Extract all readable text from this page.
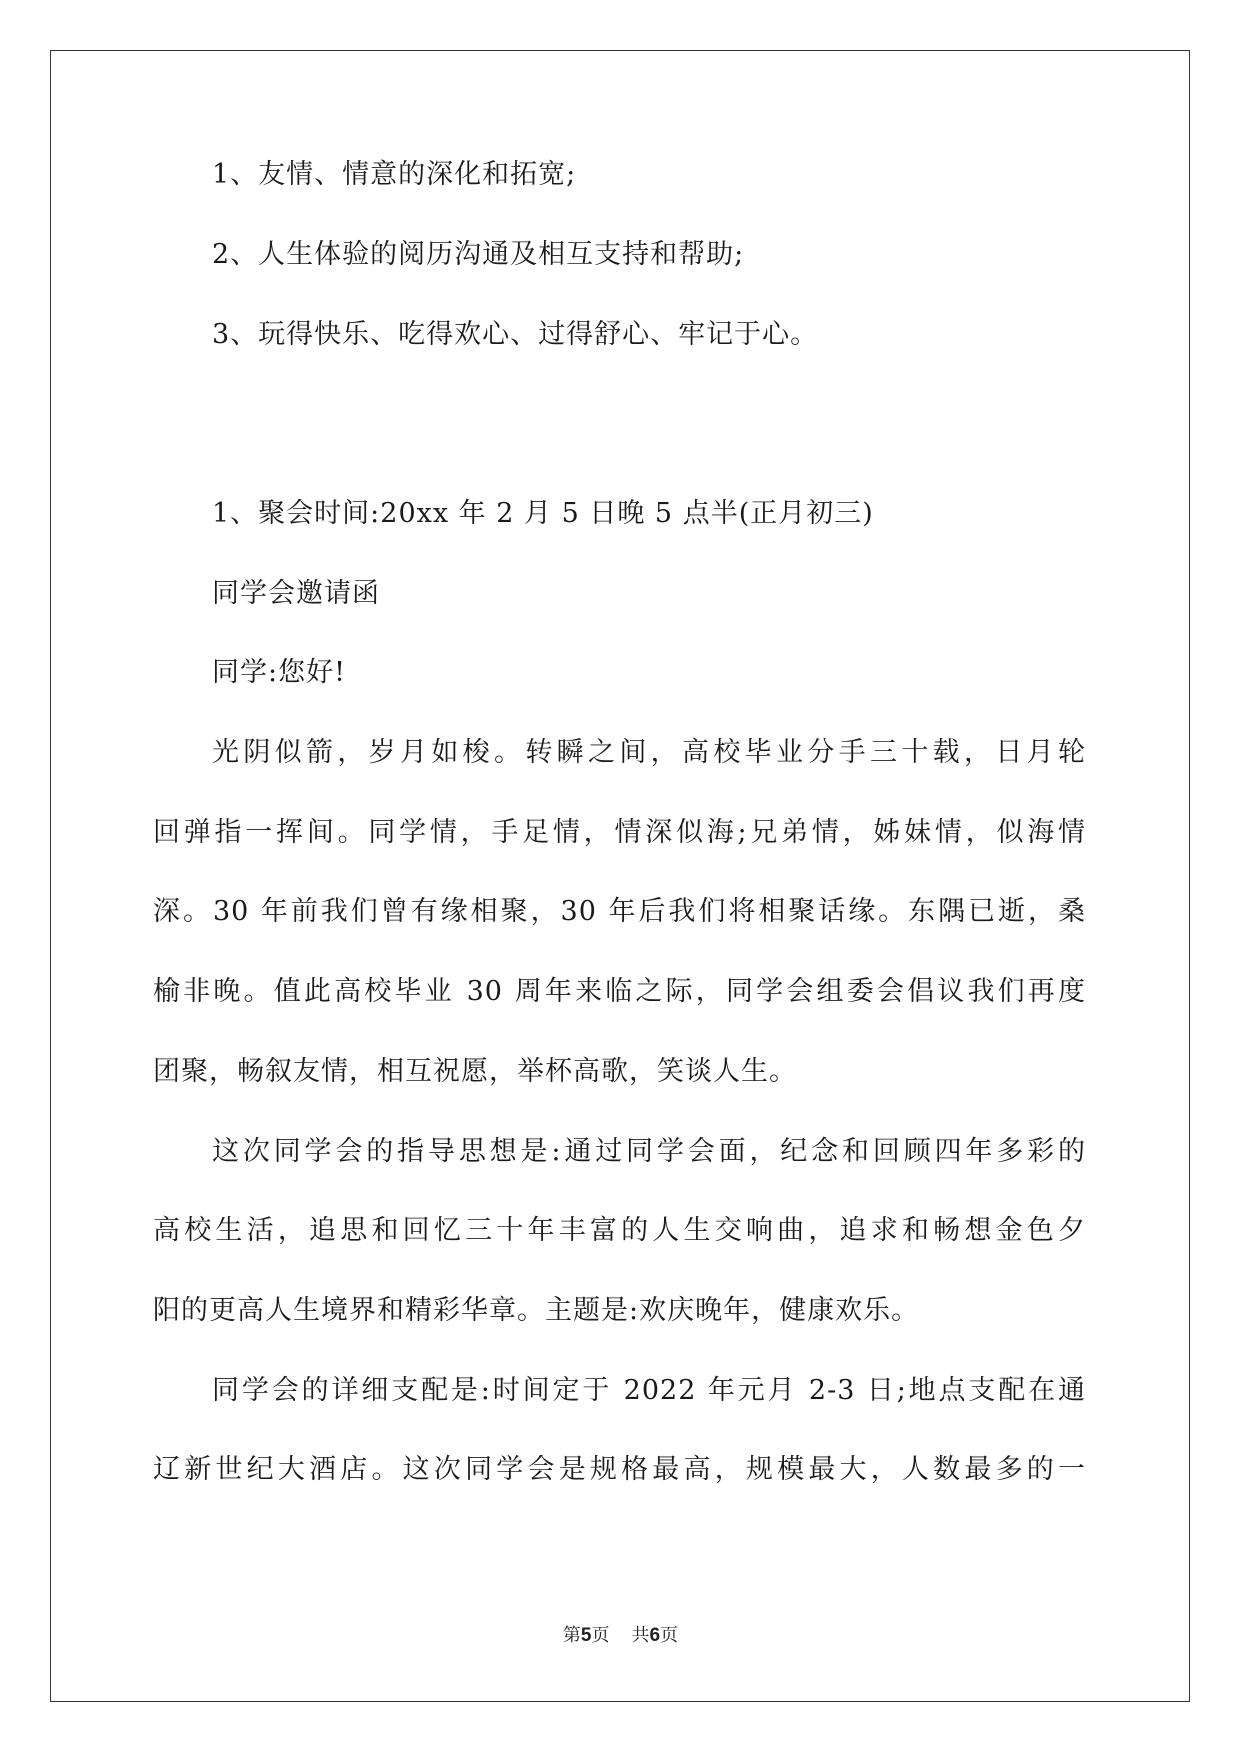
1、友情、情意的深化和拓宽;
2、人生体验的阅历沟通及相互支持和帮助;
3、玩得快乐、吃得欢心、过得舒心、牢记于心。
1、聚会时间:20xx 年 2 月 5 日晚 5 点半(正月初三)
同学会邀请函
同学:您好!
光阴似箭，岁月如梭。转瞬之间，高校毕业分手三十载，日月轮
回弹指一挥间。同学情，手足情，情深似海;兄弟情，姊妹情，似海情
深。30 年前我们曾有缘相聚，30 年后我们将相聚话缘。东隅已逝，桑
榆非晚。值此高校毕业 30 周年来临之际，同学会组委会倡议我们再度
团聚，畅叙友情，相互祝愿，举杯高歌，笑谈人生。
这次同学会的指导思想是:通过同学会面，纪念和回顾四年多彩的
高校生活，追思和回忆三十年丰富的人生交响曲，追求和畅想金色夕
阳的更高人生境界和精彩华章。主题是:欢庆晚年，健康欢乐。
同学会的详细支配是:时间定于 2022 年元月 2-3 日;地点支配在通
辽新世纪大酒店。这次同学会是规格最高，规模最大，人数最多的一
第5页 共6页
